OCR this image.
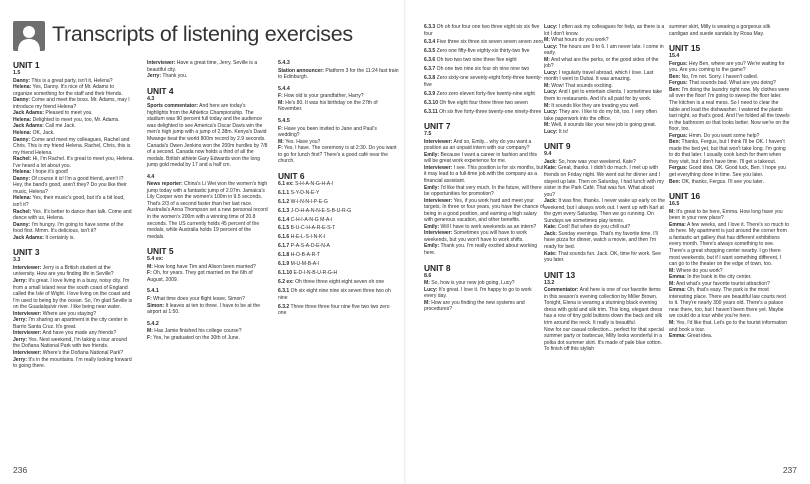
Transcripts of listening exercises
UNIT 1
1.5

Danny: This is a great party, isn't it, Helena?

Helena: Yes, Danny. It's nice of Mr. Adams to organize something for the staff and their friends.

Danny: Come and meet the boss. Mr. Adams, may I introduce my friend Helena?

Jack Adams: Pleased to meet you.

Helena: Delighted to meet you, too, Mr. Adams.

Jack Adams: Call me Jack.

Helena: OK, Jack.

Danny: Come and meet my colleagues, Rachel and Chris. This is my friend Helena. Rachel, Chris, this is my friend Helena.

Rachel: Hi, I'm Rachel. It's great to meet you, Helena. I've heard a lot about you.

Helena: I hope it's good!

Danny: Of course it is! I'm a good friend, aren't I? Hey, the band's good, aren't they? Do you like their music, Helena?

Helena: Yes, their music's good, but it's a bit loud, isn't it?

Rachel: Yes. It's better to dance than talk. Come and dance with us, Helena.

Danny: I'm hungry. I'm going to have some of the food first. Mmm. It's delicious, isn't it?

Jack Adams: It certainly is.

UNIT 3
3.3

Interviewer: Jerry is a British student at the university. How are you finding life in Seville?

Jerry: It's great. I love living in a busy, noisy city. I'm from a small island near the south coast of England called the Isle of Wight. I love living on the coast and I'm used to being by the ocean. So, I'm glad Seville is on the Guadalquivir river. I like being near water.

Interviewer: Where are you staying?

Jerry: I'm sharing an apartment in the city center in Barrio Santa Cruz. It's great.

Interviewer: And have you made any friends?

Jerry: Yes. Next weekend, I'm taking a tour around the Doñana National Park with two friends.

Interviewer: Where's the Doñana National Park?

Jerry: It's in the mountains. I'm really looking forward to going there.

Interviewer: Have a great time, Jerry. Seville is a beautiful city.

Jerry: Thank you.

UNIT 4
4.3

Sports commentator: And here are today's highlights from the Athletics Championship. The stadium was 90 percent full today and the audience was delighted to see America's Oscar Davis win the men's high jump with a jump of 2.38m. Kenya's David Mwange beat the world 800m record by 2.9 seconds. Canada's Owen Jenkins won the 200m hurdles by 7/8 of a second. Canada now holds a third of all the medals. British athlete Gary Edwards won the long jump gold medal by 17 and a half cm.

4.4

News reporter: China's Li Wei won the women's high jump today with a fantastic jump of 2.07m. Jamaica's Lily Cooper won the women's 100m in 9.5 seconds. That's 2/3 of a second faster than her last race. Australia's Anna Thompson set a new personal record in the women's 200m with a winning time of 20.8 seconds. The US currently holds 45 percent of the medals, while Australia holds 19 percent of the medals.

UNIT 5
5.4 ex:

M: How long have Tim and Alison been married?

F: Oh, for years. They got married on the 6th of August, 2009.

5.4.1

F: What time does your flight leave, Simon?

Simon: It leaves at ten to three. I have to be at the airport at 1:50.

5.4.2

M: Has Jamie finished his college course?

F: Yes, he graduated on the 30th of June.

5.4.3

Station announcer: Platform 3 for the 11:24 fast train to Edinburgh.

5.4.4

F: How old is your grandfather, Harry?

M: He's 80. It was his birthday on the 27th of November.

5.4.5

F: Have you been invited to Jane and Paul's wedding?

M: Yes. Have you?

F: Yes, I have. The ceremony is at 2:30. Do you want to go for lunch first? There's a good café near the church.

UNIT 6
6.1 ex: S-H-A-N-G-H-A-I
6.1.1 S-Y-D-N-E-Y
6.1.2 W-I-N-N-I-P-E-G
6.1.3 J-O-H-A-N-N-E-S-B-U-R-G
6.1.4 C-H-I-A-N-G M-A-I
6.1.5 B-U-C-H-A-R-E-S-T
6.1.6 H-E-L-S-I-N-K-I
6.1.7 P-A-S-A-D-E-N-A
6.1.8 H-O-B-A-R-T
6.1.9 M-U-M-B-A-I
6.1.10 E-D-I-N-B-U-R-G-H
6.2 ex: Oh three three eight eight seven oh one
6.3.1 Oh six eight nine nine six seven three two oh nine
6.3.2 Three three three four nine five two two zero one
236
6.3.3 Oh oh four four one two three eight six six five four
6.3.4 Five three six three six seven seven seven zero.
6.3.5 Zero one fifty-five eighty-six thirty-two five
6.3.6 Oh two two two nine three five eight
6.3.7 Oh one two nine six four oh nine nine two
6.3.8 Zero sixty-one seventy-eight forty-three twenty-five
6.3.9 Zero zero eleven forty-five twenty-nine eight
6.3.10 Oh five eight four three three two seven
6.3.11 Oh six five forty-three twenty-one ninety-three
UNIT 7
7.5

Interviewer: And so, Emily... why do you want a position as an unpaid intern with our company?

Emily: Because I want a career in fashion and this will be great work experience for me.

Interviewer: I see. This position is for six months, but it may lead to a full-time job with the company as a financial assistant.

Emily: I'd like that very much. In the future, will there be opportunities for promotion?

Interviewer: Yes, if you work hard and meet your targets. In three or four years, you have the chance of being in a good position, and earning a high salary with generous vacation, and other benefits.

Emily: Will I have to work weekends as an intern?

Interviewer: Sometimes you will have to work weekends, but you won't have to work shifts.

Emily: Thank you. I'm really excited about working here.

UNIT 8
8.6

M: So, how is your new job going, Lucy?

Lucy: It's great. I love it. I'm happy to go to work every day.

M: How are you finding the new systems and procedures?

Lucy: I often ask my colleagues for help, as there is a lot I don't know.

M: What hours do you work?

Lucy: The hours are 9 to 6. I am never late. I come in early.

M: And what are the perks, or the good sides of the job?

Lucy: I regularly travel abroad, which I love. Last month I went to Dubai. It was amazing.

M: Wow! That sounds exciting.

Lucy: And I get to entertain clients. I sometimes take them to restaurants. And it's all paid for by work.

M: It sounds like they are treating you well.

Lucy: They are. I like to do my bit, too. I very often take paperwork into the office.

M: Well, it sounds like your new job is going great.

Lucy: It is!

UNIT 9
9.4

Jack: So, how was your weekend, Kate?

Kate: Great, thanks. I didn't do much. I met up with friends on Friday night. We went out for dinner and I stayed up late. Then on Saturday, I had lunch with my sister in the Park Café. That was fun. What about you?

Jack: It was fine, thanks. I never wake up early on the weekend, but I always work out. I went up with Karl at the gym every Saturday. Then we go running. On Sundays we sometimes play tennis.

Kate: Cool! But when do you chill out?

Jack: Sunday evenings. That's my favorite time. I'll have pizza for dinner, watch a movie, and then I'm ready for bed.

Kate: That sounds fun. Jack. OK, time for work. See you later.

UNIT 13
13.2

Commentator: And here is one of our favorite items in this season's evening collection by Miller Brown. Tonight, Elena is wearing a stunning black evening dress with gold and silk trim. This long, elegant dress has a row of tiny gold buttons down the back and silk trim around the neck. It really is beautiful.

Now for our casual collection... perfect for that special summer party or barbecue, Milly looks wonderful in a polka dot summer skirt. It's made of pale blue cotton. To finish off this stylish

summer skirt, Milly is wearing a gorgeous silk cardigan and suede sandals by Rosa May.

UNIT 15
15.4

Fergus: Hey Ben, where are you? We're waiting for you. Are you coming to the game?

Ben: No, I'm not. Sorry. I haven't called.

Fergus: That sounds bad. What are you doing?

Ben: I'm doing the laundry right now. My clothes were all over the floor! I'm going to sweep the floor later. The kitchen is a real mess. So I need to clear the table and load the dishwasher. I watered the plants last night, so that's good. And I've folded all the towels in the bathroom so that looks better. Now we're on the floor, too.

Fergus: Hmm. Do you want some help?

Ben: Thanks, Fergus, but I think I'll be OK. I haven't made the bed yet, but that won't take long. I'm going to do that later. I usually cook lunch for them when they visit, but I don't have time. I'll get a takeout.

Fergus: Good idea. OK. Good luck, Ben. I hope you get everything done in time. See you later.

Ben: OK, thanks, Fergus. I'll see you later.

UNIT 16
16.5

M: It's great to be here, Emma. How long have you been in your new place?

Emma: A few weeks, and I love it. There's so much to do here. My apartment is just around the corner from a fantastic art gallery that has different exhibitions every month. There's always something to see. There's a great shopping center nearby. I go there most weekends, but if I want something different, I can go to the theater on the edge of town, too.

M: Where do you work?

Emma: In the bank in the city center.

M: And what's your favorite tourist attraction?

Emma: Oh, that's easy. The park is the most interesting place. There are beautiful law courts next to it. They're nearly 300 years old. There's a palace near there, too, but I haven't been there yet. Maybe we could do a tour while you're here.

M: Yes, I'd like that. Let's go to the tourist information and book a tour.

Emma: Great idea.

237
